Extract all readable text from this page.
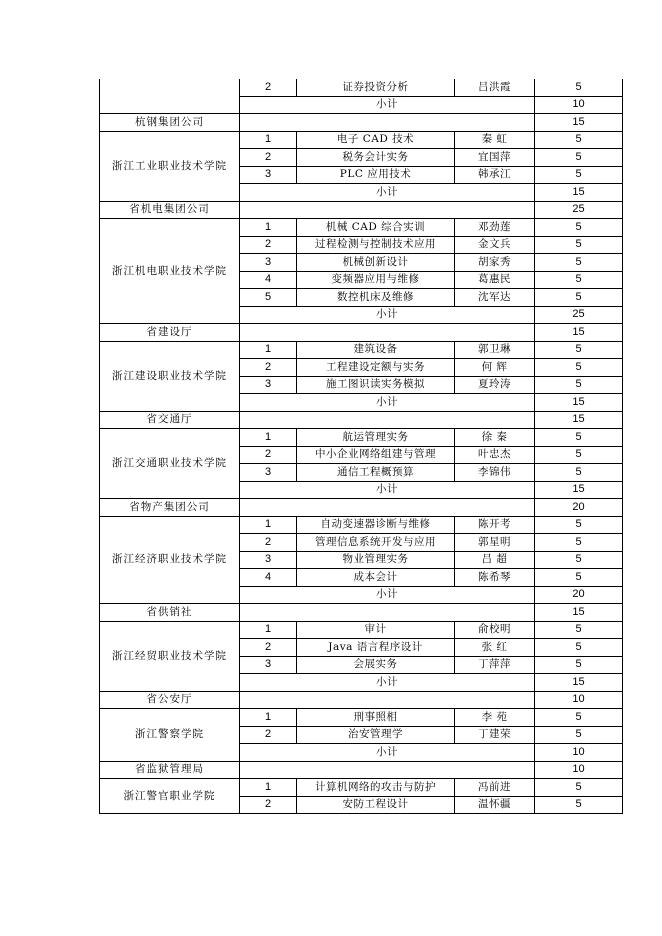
	2	证券投资分析	吕洪霞	5
	小计			10
杭钢集团公司				15
浙江工业职业技术学院	1	电子 CAD 技术	秦 虹	5
	2	税务会计实务	宜国萍	5
	3	PLC 应用技术	韩承江	5
	小计			15
省机电集团公司				25
浙江机电职业技术学院	1	机械 CAD 综合实训	邓劲莲	5
	2	过程检测与控制技术应用	金文兵	5
	3	机械创新设计	胡家秀	5
	4	变频器应用与维修	葛惠民	5
	5	数控机床及维修	沈军达	5
	小计			25
省建设厅				15
浙江建设职业技术学院	1	建筑设备	郭卫琳	5
	2	工程建设定额与实务	何 辉	5
	3	施工图识读实务模拟	夏玲涛	5
	小计			15
省交通厅				15
浙江交通职业技术学院	1	航运管理实务	徐 秦	5
	2	中小企业网络组建与管理	叶忠杰	5
	3	通信工程概预算	李锦伟	5
	小计			15
省物产集团公司				20
浙江经济职业技术学院	1	自动变速器诊断与维修	陈开考	5
	2	管理信息系统开发与应用	郭星明	5
	3	物业管理实务	吕 超	5
	4	成本会计	陈希琴	5
	小计			20
省供销社				15
浙江经贸职业技术学院	1	审计	俞校明	5
	2	Java 语言程序设计	张 红	5
	3	会展实务	丁萍萍	5
	小计			15
省公安厅				10
浙江警察学院	1	刑事照相	李 苑	5
	2	治安管理学	丁建荣	5
	小计			10
省监狱管理局				10
浙江警官职业学院	1	计算机网络的攻击与防护	冯前进	5
	2	安防工程设计	温怀疆	5
